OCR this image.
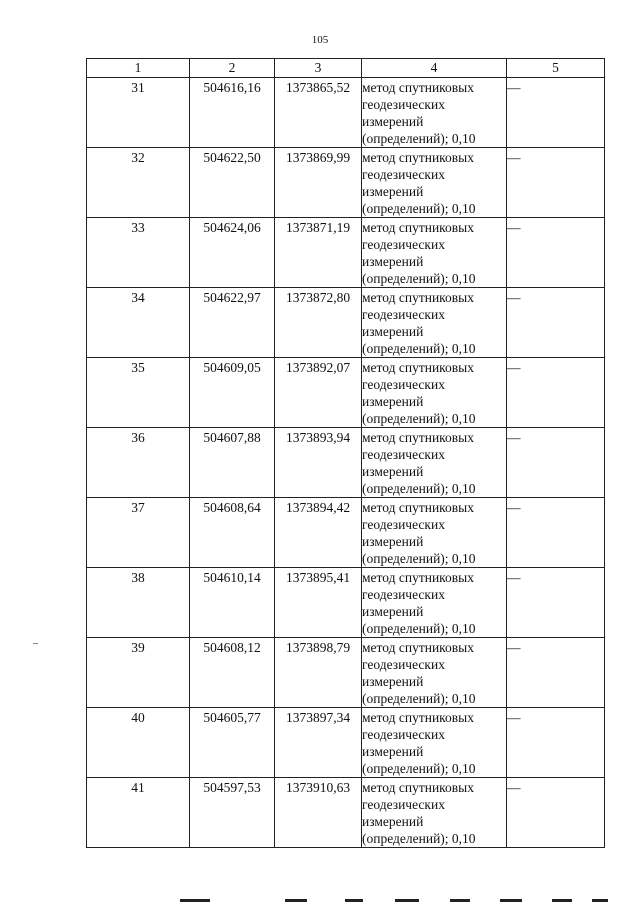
105
1	2	3	4	5
31	504616,16	1373865,52	метод спутниковых геодезических измерений (определений); 0,10	—
32	504622,50	1373869,99	метод спутниковых геодезических измерений (определений); 0,10	—
33	504624,06	1373871,19	метод спутниковых геодезических измерений (определений); 0,10	—
34	504622,97	1373872,80	метод спутниковых геодезических измерений (определений); 0,10	—
35	504609,05	1373892,07	метод спутниковых геодезических измерений (определений); 0,10	—
36	504607,88	1373893,94	метод спутниковых геодезических измерений (определений); 0,10	—
37	504608,64	1373894,42	метод спутниковых геодезических измерений (определений); 0,10	—
38	504610,14	1373895,41	метод спутниковых геодезических измерений (определений); 0,10	—
39	504608,12	1373898,79	метод спутниковых геодезических измерений (определений); 0,10	—
40	504605,77	1373897,34	метод спутниковых геодезических измерений (определений); 0,10	—
41	504597,53	1373910,63	метод спутниковых геодезических измерений (определений); 0,10	—
